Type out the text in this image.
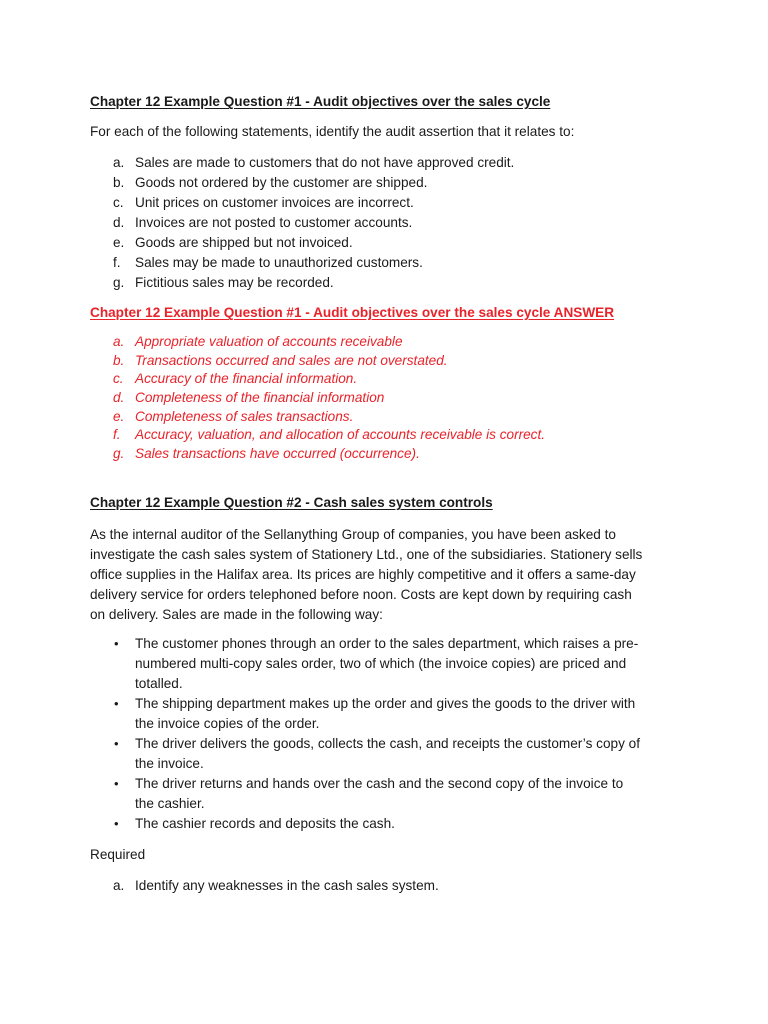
Chapter 12 Example Question #1 - Audit objectives over the sales cycle
For each of the following statements, identify the audit assertion that it relates to:
a. Sales are made to customers that do not have approved credit.
b. Goods not ordered by the customer are shipped.
c. Unit prices on customer invoices are incorrect.
d. Invoices are not posted to customer accounts.
e. Goods are shipped but not invoiced.
f. Sales may be made to unauthorized customers.
g. Fictitious sales may be recorded.
Chapter 12 Example Question #1 - Audit objectives over the sales cycle ANSWER
a. Appropriate valuation of accounts receivable
b. Transactions occurred and sales are not overstated.
c. Accuracy of the financial information.
d. Completeness of the financial information
e. Completeness of sales transactions.
f. Accuracy, valuation, and allocation of accounts receivable is correct.
g. Sales transactions have occurred (occurrence).
Chapter 12 Example Question #2 - Cash sales system controls
As the internal auditor of the Sellanything Group of companies, you have been asked to
investigate the cash sales system of Stationery Ltd., one of the subsidiaries. Stationery sells
office supplies in the Halifax area. Its prices are highly competitive and it offers a same-day
delivery service for orders telephoned before noon. Costs are kept down by requiring cash
on delivery. Sales are made in the following way:
• The customer phones through an order to the sales department, which raises a pre-
numbered multi-copy sales order, two of which (the invoice copies) are priced and
totalled.
• The shipping department makes up the order and gives the goods to the driver with
the invoice copies of the order.
• The driver delivers the goods, collects the cash, and receipts the customer’s copy of
the invoice.
• The driver returns and hands over the cash and the second copy of the invoice to
the cashier.
• The cashier records and deposits the cash.
Required
a. Identify any weaknesses in the cash sales system.
